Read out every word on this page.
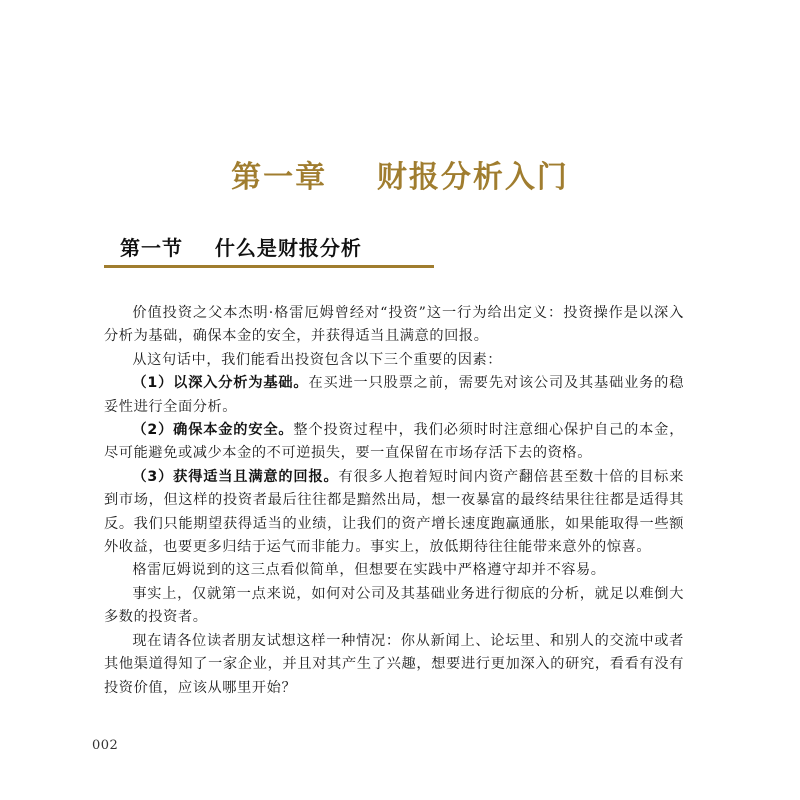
第一章    财报分析入门
第一节    什么是财报分析

价值投资之父本杰明·格雷厄姆曾经对“投资”这一行为给出定义：投资操作是以深入分析为基础，确保本金的安全，并获得适当且满意的回报。

从这句话中，我们能看出投资包含以下三个重要的因素：

（1）以深入分析为基础。在买进一只股票之前，需要先对该公司及其基础业务的稳妥性进行全面分析。

（2）确保本金的安全。整个投资过程中，我们必须时时注意细心保护自己的本金，尽可能避免或减少本金的不可逆损失，要一直保留在市场存活下去的资格。

（3）获得适当且满意的回报。有很多人抱着短时间内资产翻倍甚至数十倍的目标来到市场，但这样的投资者最后往往都是黯然出局，想一夜暴富的最终结果往往都是适得其反。我们只能期望获得适当的业绩，让我们的资产增长速度跑赢通胀，如果能取得一些额外收益，也要更多归结于运气而非能力。事实上，放低期待往往能带来意外的惊喜。

格雷厄姆说到的这三点看似简单，但想要在实践中严格遵守却并不容易。

事实上，仅就第一点来说，如何对公司及其基础业务进行彻底的分析，就足以难倒大多数的投资者。

现在请各位读者朋友试想这样一种情况：你从新闻上、论坛里、和别人的交流中或者其他渠道得知了一家企业，并且对其产生了兴趣，想要进行更加深入的研究，看看有没有投资价值，应该从哪里开始？

002
